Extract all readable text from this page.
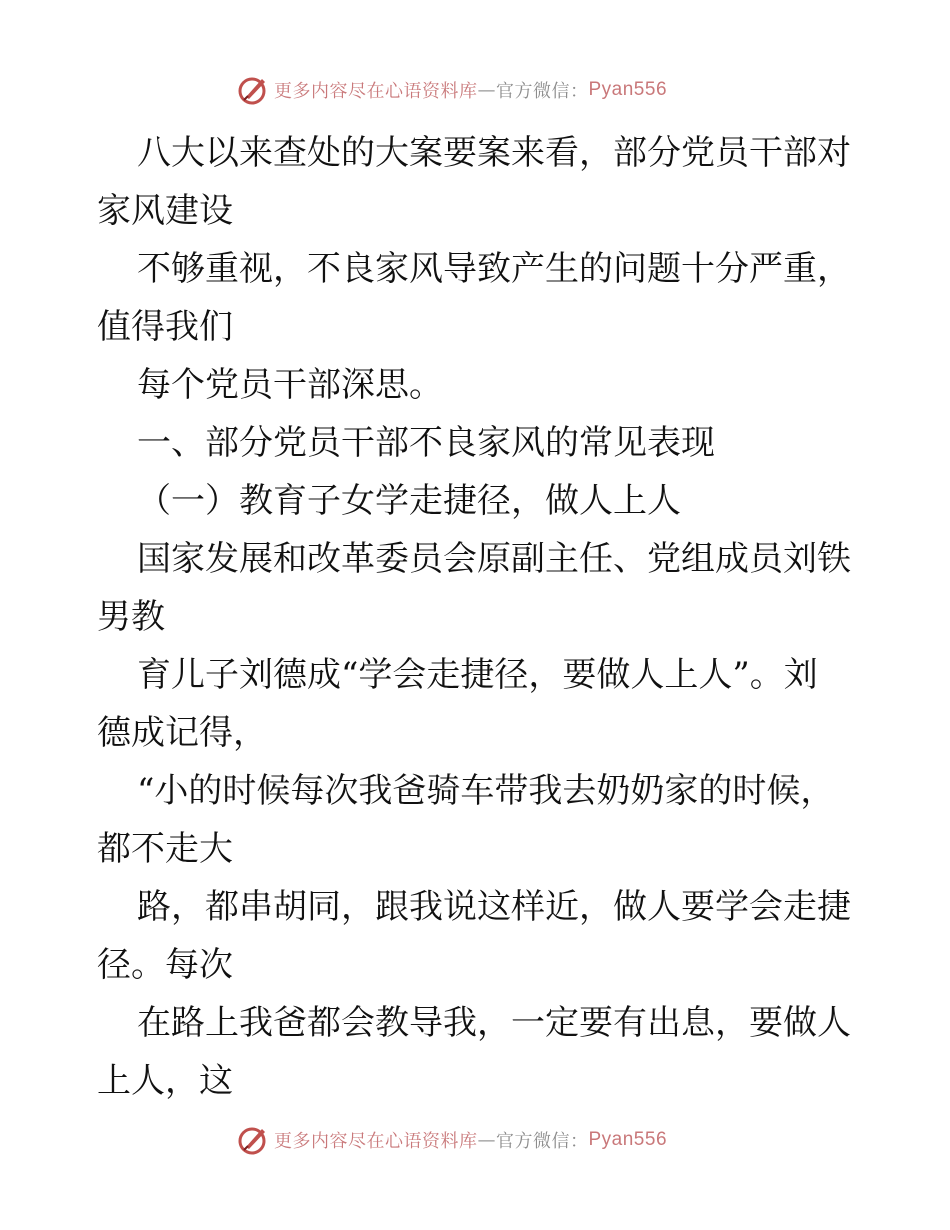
更多内容尽在心语资料库 — 官方微信： Pyan556

八大以来查处的大案要案来看，部分党员干部对

家风建设

不够重视，不良家风导致产生的问题十分严重，

值得我们

每个党员干部深思。

一、部分党员干部不良家风的常见表现

（一）教育子女学走捷径，做人上人

国家发展和改革委员会原副主任、党组成员刘铁

男教

育儿子刘德成“学会走捷径，要做人上人”。刘

德成记得，

“小的时候每次我爸骑车带我去奶奶家的时候，

都不走大

路，都串胡同，跟我说这样近，做人要学会走捷

径。每次

在路上我爸都会教导我，一定要有出息，要做人

上人，这

更多内容尽在心语资料库 — 官方微信： Pyan556
